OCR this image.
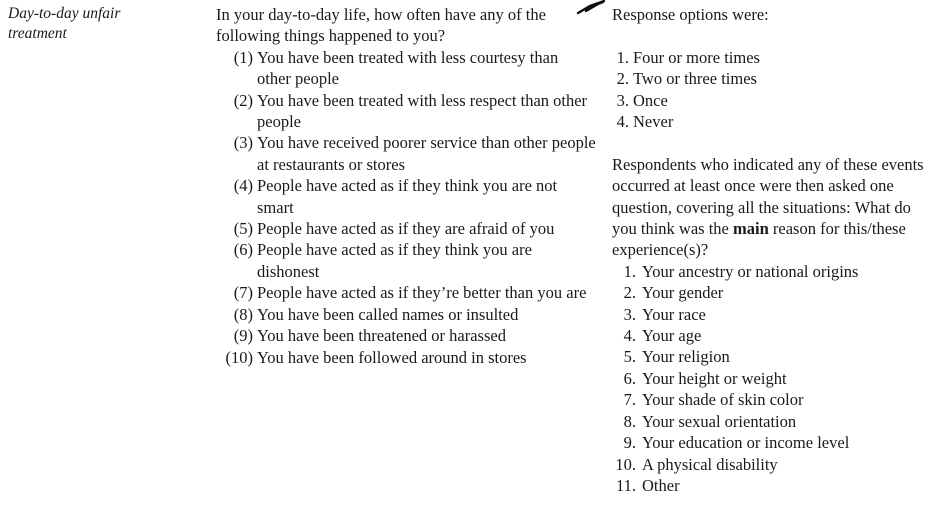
Day-to-day unfair
treatment

In your day-to-day life, how often have any of the following things happened to you?

(1) You have been treated with less courtesy than other people
(2) You have been treated with less respect than other people
(3) You have received poorer service than other people at restaurants or stores
(4) People have acted as if they think you are not smart
(5) People have acted as if they are afraid of you
(6) People have acted as if they think you are dishonest
(7) People have acted as if they’re better than you are
(8) You have been called names or insulted
(9) You have been threatened or harassed
(10) You have been followed around in stores

Response options were:

1. Four or more times
2. Two or three times
3. Once
4. Never

Respondents who indicated any of these events occurred at least once were then asked one question, covering all the situations: What do you think was the main reason for this/these experience(s)?

1. Your ancestry or national origins
2. Your gender
3. Your race
4. Your age
5. Your religion
6. Your height or weight
7. Your shade of skin color
8. Your sexual orientation
9. Your education or income level
10. A physical disability
11. Other
